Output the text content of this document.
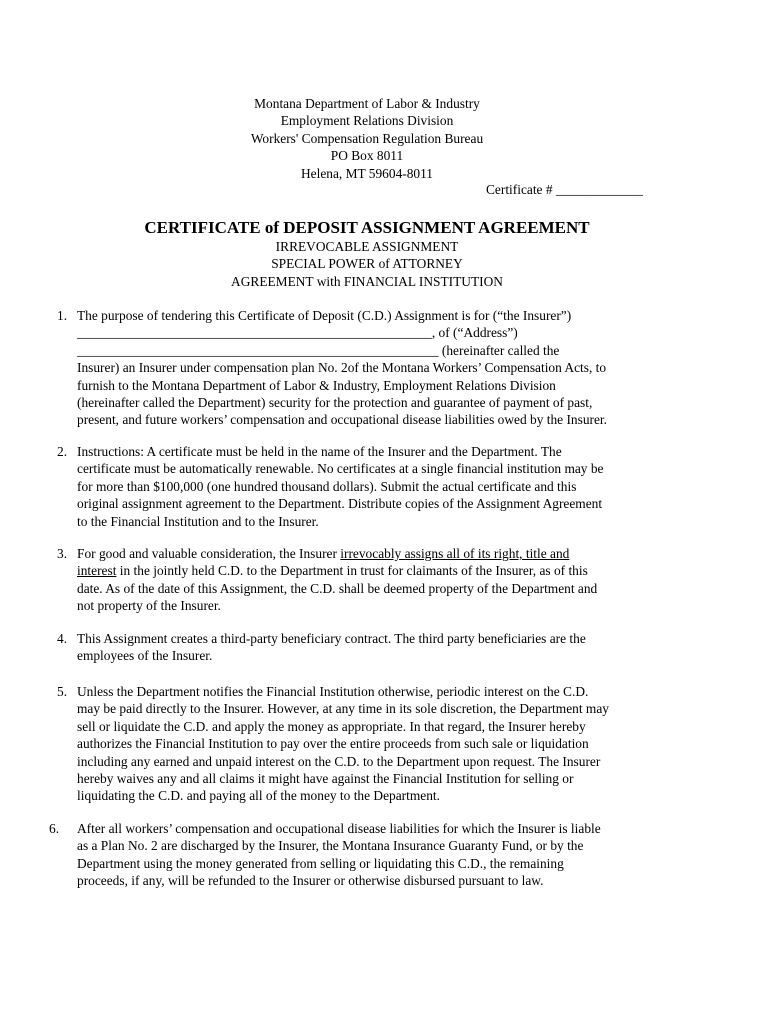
Montana Department of Labor & Industry
Employment Relations Division
Workers' Compensation Regulation Bureau
PO Box 8011
Helena, MT 59604-8011
Certificate # _____________
CERTIFICATE of DEPOSIT ASSIGNMENT AGREEMENT
IRREVOCABLE ASSIGNMENT
SPECIAL POWER of ATTORNEY
AGREEMENT with FINANCIAL INSTITUTION
1. The purpose of tendering this Certificate of Deposit (C.D.) Assignment is for (“the Insurer”)
_____________________________________________________, of (“Address”)
______________________________________________________ (hereinafter called the
Insurer) an Insurer under compensation plan No. 2of the Montana Workers’ Compensation Acts, to
furnish to the Montana Department of Labor & Industry, Employment Relations Division
(hereinafter called the Department) security for the protection and guarantee of payment of past,
present, and future workers’ compensation and occupational disease liabilities owed by the Insurer.
2. Instructions: A certificate must be held in the name of the Insurer and the Department. The
certificate must be automatically renewable. No certificates at a single financial institution may be
for more than $100,000 (one hundred thousand dollars). Submit the actual certificate and this
original assignment agreement to the Department. Distribute copies of the Assignment Agreement
to the Financial Institution and to the Insurer.
3. For good and valuable consideration, the Insurer irrevocably assigns all of its right, title and
interest in the jointly held C.D. to the Department in trust for claimants of the Insurer, as of this
date. As of the date of this Assignment, the C.D. shall be deemed property of the Department and
not property of the Insurer.
4. This Assignment creates a third-party beneficiary contract. The third party beneficiaries are the
employees of the Insurer.
5. Unless the Department notifies the Financial Institution otherwise, periodic interest on the C.D.
may be paid directly to the Insurer. However, at any time in its sole discretion, the Department may
sell or liquidate the C.D. and apply the money as appropriate. In that regard, the Insurer hereby
authorizes the Financial Institution to pay over the entire proceeds from such sale or liquidation
including any earned and unpaid interest on the C.D. to the Department upon request. The Insurer
hereby waives any and all claims it might have against the Financial Institution for selling or
liquidating the C.D. and paying all of the money to the Department.
6. After all workers’ compensation and occupational disease liabilities for which the Insurer is liable
as a Plan No. 2 are discharged by the Insurer, the Montana Insurance Guaranty Fund, or by the
Department using the money generated from selling or liquidating this C.D., the remaining
proceeds, if any, will be refunded to the Insurer or otherwise disbursed pursuant to law.
